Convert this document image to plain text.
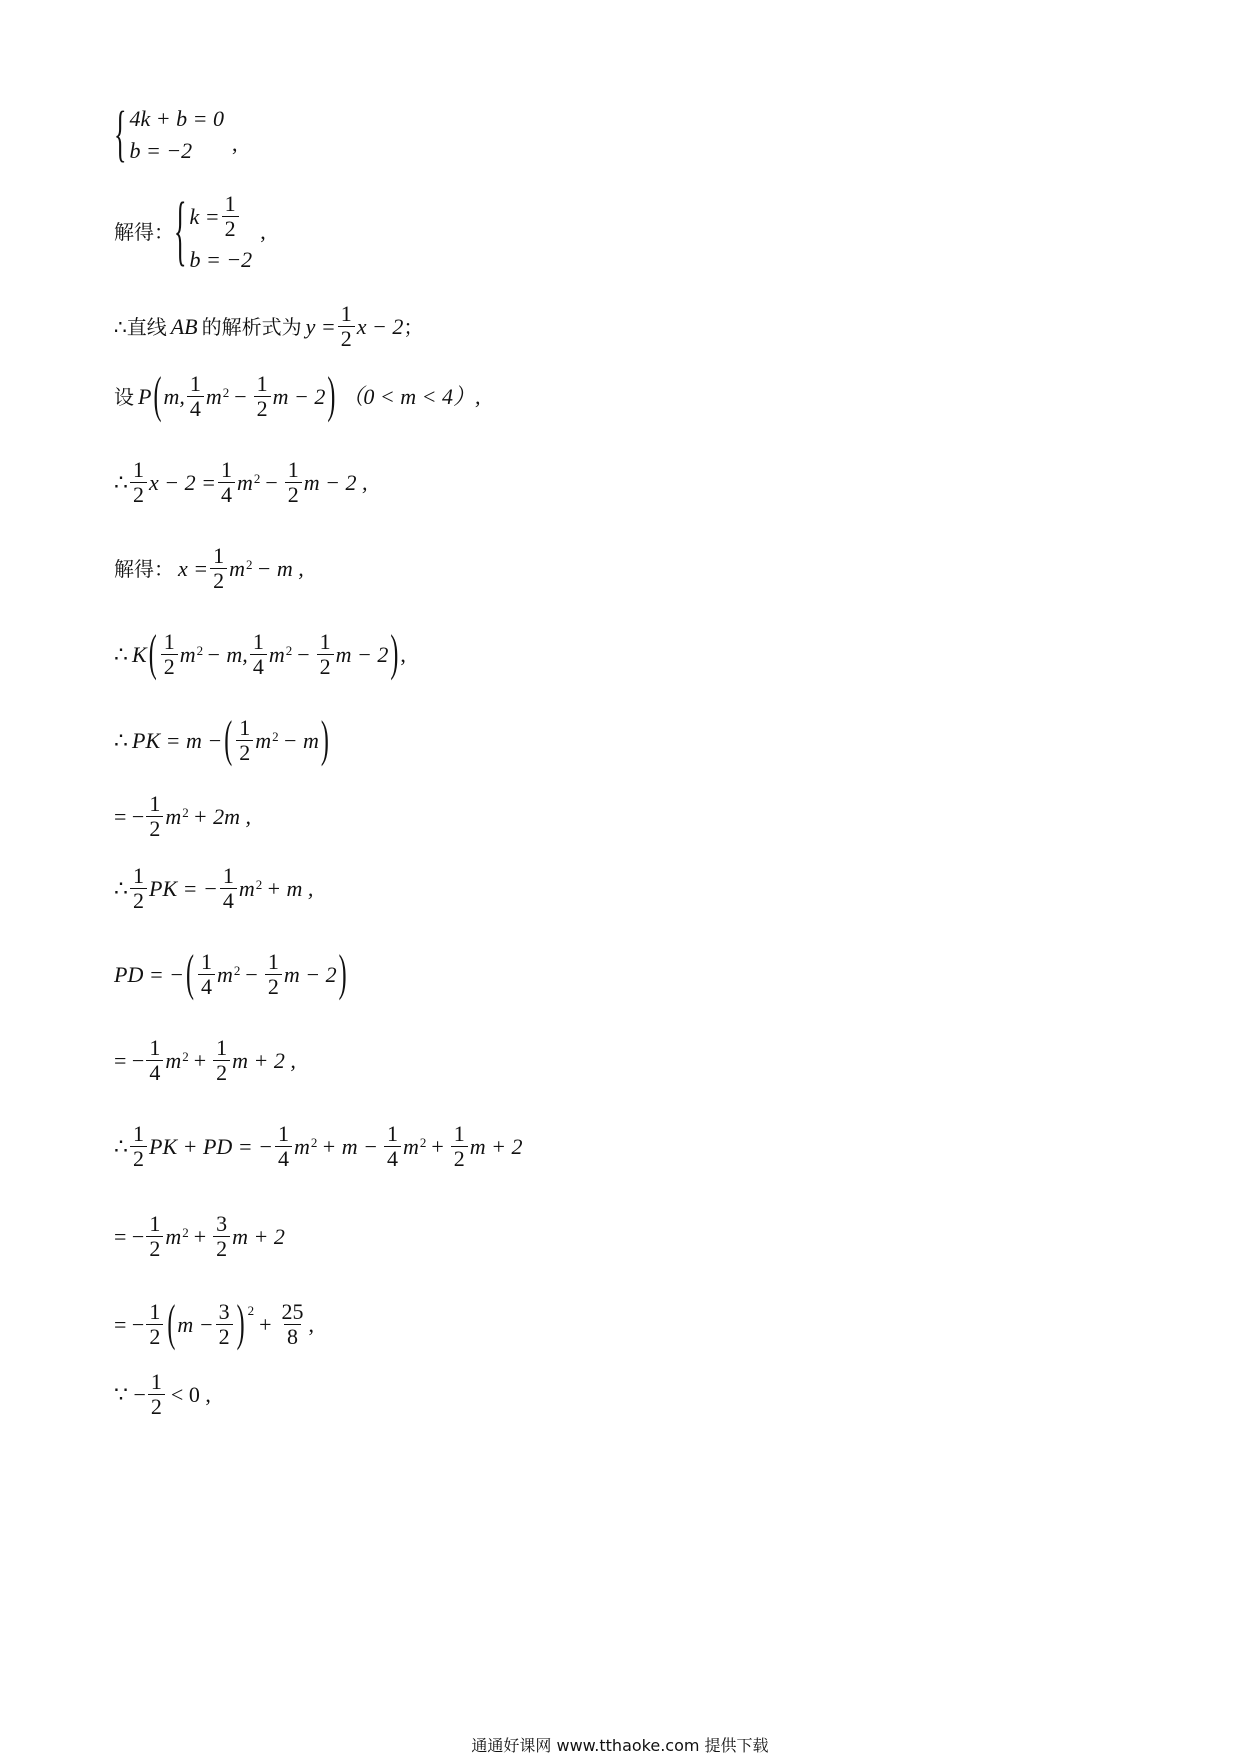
{ 4k + b = 0
b = −2	,
解得： { $k = \frac{1}{2}$
b = −2
,
∴直线 AB 的解析式为 $y = \frac{1}{2}$ x − 2 ；
设 P ( m, $\frac{1}{4} m^2 - \frac{1}{2}$ m − 2 ) （0 < m < 4）,
∴ $\frac{1}{2}$ $x - 2 = \frac{1}{4} m^2 - \frac{1}{2}$ m − 2 ,
解得： $x = \frac{1}{2} m^2 - m$ ,
∴ K ( $\frac{1}{2} m^2 - m$, $\frac{1}{4} m^2 - \frac{1}{2}$ m − 2 ) ,
∴ PK = m − ( $\frac{1}{2} m^2 - m$ )
= − $\frac{1}{2} m^2 + 2m$ ,
∴ $\frac{1}{2}$ PK = − $\frac{1}{4} m^2 + m$ ,
PD = − ( $\frac{1}{4} m^2 - \frac{1}{2}$ m − 2 )
= − $\frac{1}{4} m^2 + \frac{1}{2}$ m + 2 ,
∴ $\frac{1}{2}$ PK + PD = − $\frac{1}{4} m^2 + m - \frac{1}{4} m^2 + \frac{1}{2}$ m + 2
= − $\frac{1}{2} m^2 + \frac{3}{2}$ m + 2
= − $\frac{1}{2}$ ( $m - \frac{3}{2} )^2$
+ $\frac{25}{8}$ ,
∵ − $\frac{1}{2} < 0$ ,
通通好课网 www.tthaoke.com 提供下载
